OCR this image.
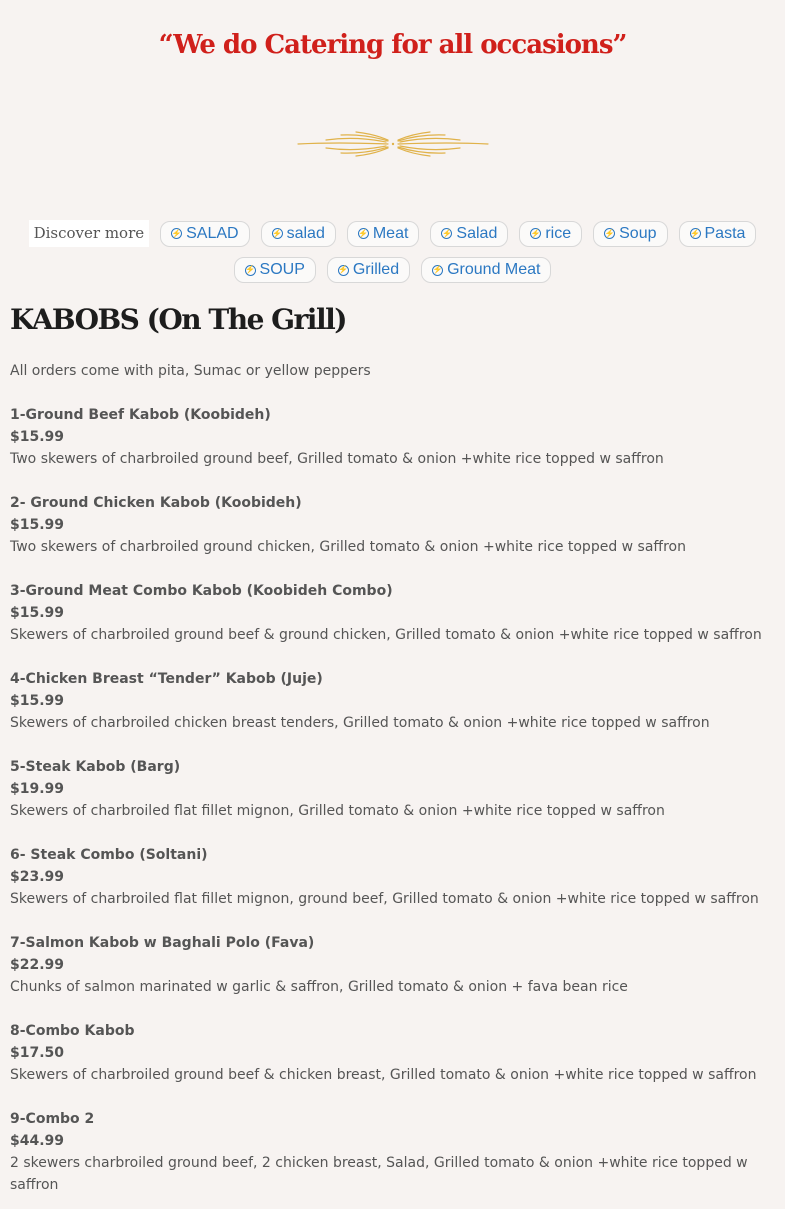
“We do Catering for all occasions”
Discover more	⚡ SALAD	⚡ salad	⚡ Meat	⚡ Salad	⚡ rice	⚡ Soup	⚡ Pasta
⚡ SOUP	⚡ Grilled	⚡ Ground Meat
KABOBS (On The Grill)

All orders come with pita, Sumac or yellow peppers

1-Ground Beef Kabob (Koobideh)

$15.99

Two skewers of charbroiled ground beef, Grilled tomato & onion +white rice topped w saffron

2- Ground Chicken Kabob (Koobideh)

$15.99

Two skewers of charbroiled ground chicken, Grilled tomato & onion +white rice topped w saffron

3-Ground Meat Combo Kabob (Koobideh Combo)

$15.99

Skewers of charbroiled ground beef & ground chicken, Grilled tomato & onion +white rice topped w saffron

4-Chicken Breast “Tender” Kabob (Juje)

$15.99

Skewers of charbroiled chicken breast tenders, Grilled tomato & onion +white rice topped w saffron

5-Steak Kabob (Barg)

$19.99

Skewers of charbroiled flat fillet mignon, Grilled tomato & onion +white rice topped w saffron

6- Steak Combo (Soltani)

$23.99

Skewers of charbroiled flat fillet mignon, ground beef, Grilled tomato & onion +white rice topped w saffron

7-Salmon Kabob w Baghali Polo (Fava)

$22.99

Chunks of salmon marinated w garlic & saffron, Grilled tomato & onion + fava bean rice

8-Combo Kabob

$17.50

Skewers of charbroiled ground beef & chicken breast, Grilled tomato & onion +white rice topped w saffron

9-Combo 2

$44.99

2 skewers charbroiled ground beef, 2 chicken breast, Salad, Grilled tomato & onion +white rice topped w saffron
